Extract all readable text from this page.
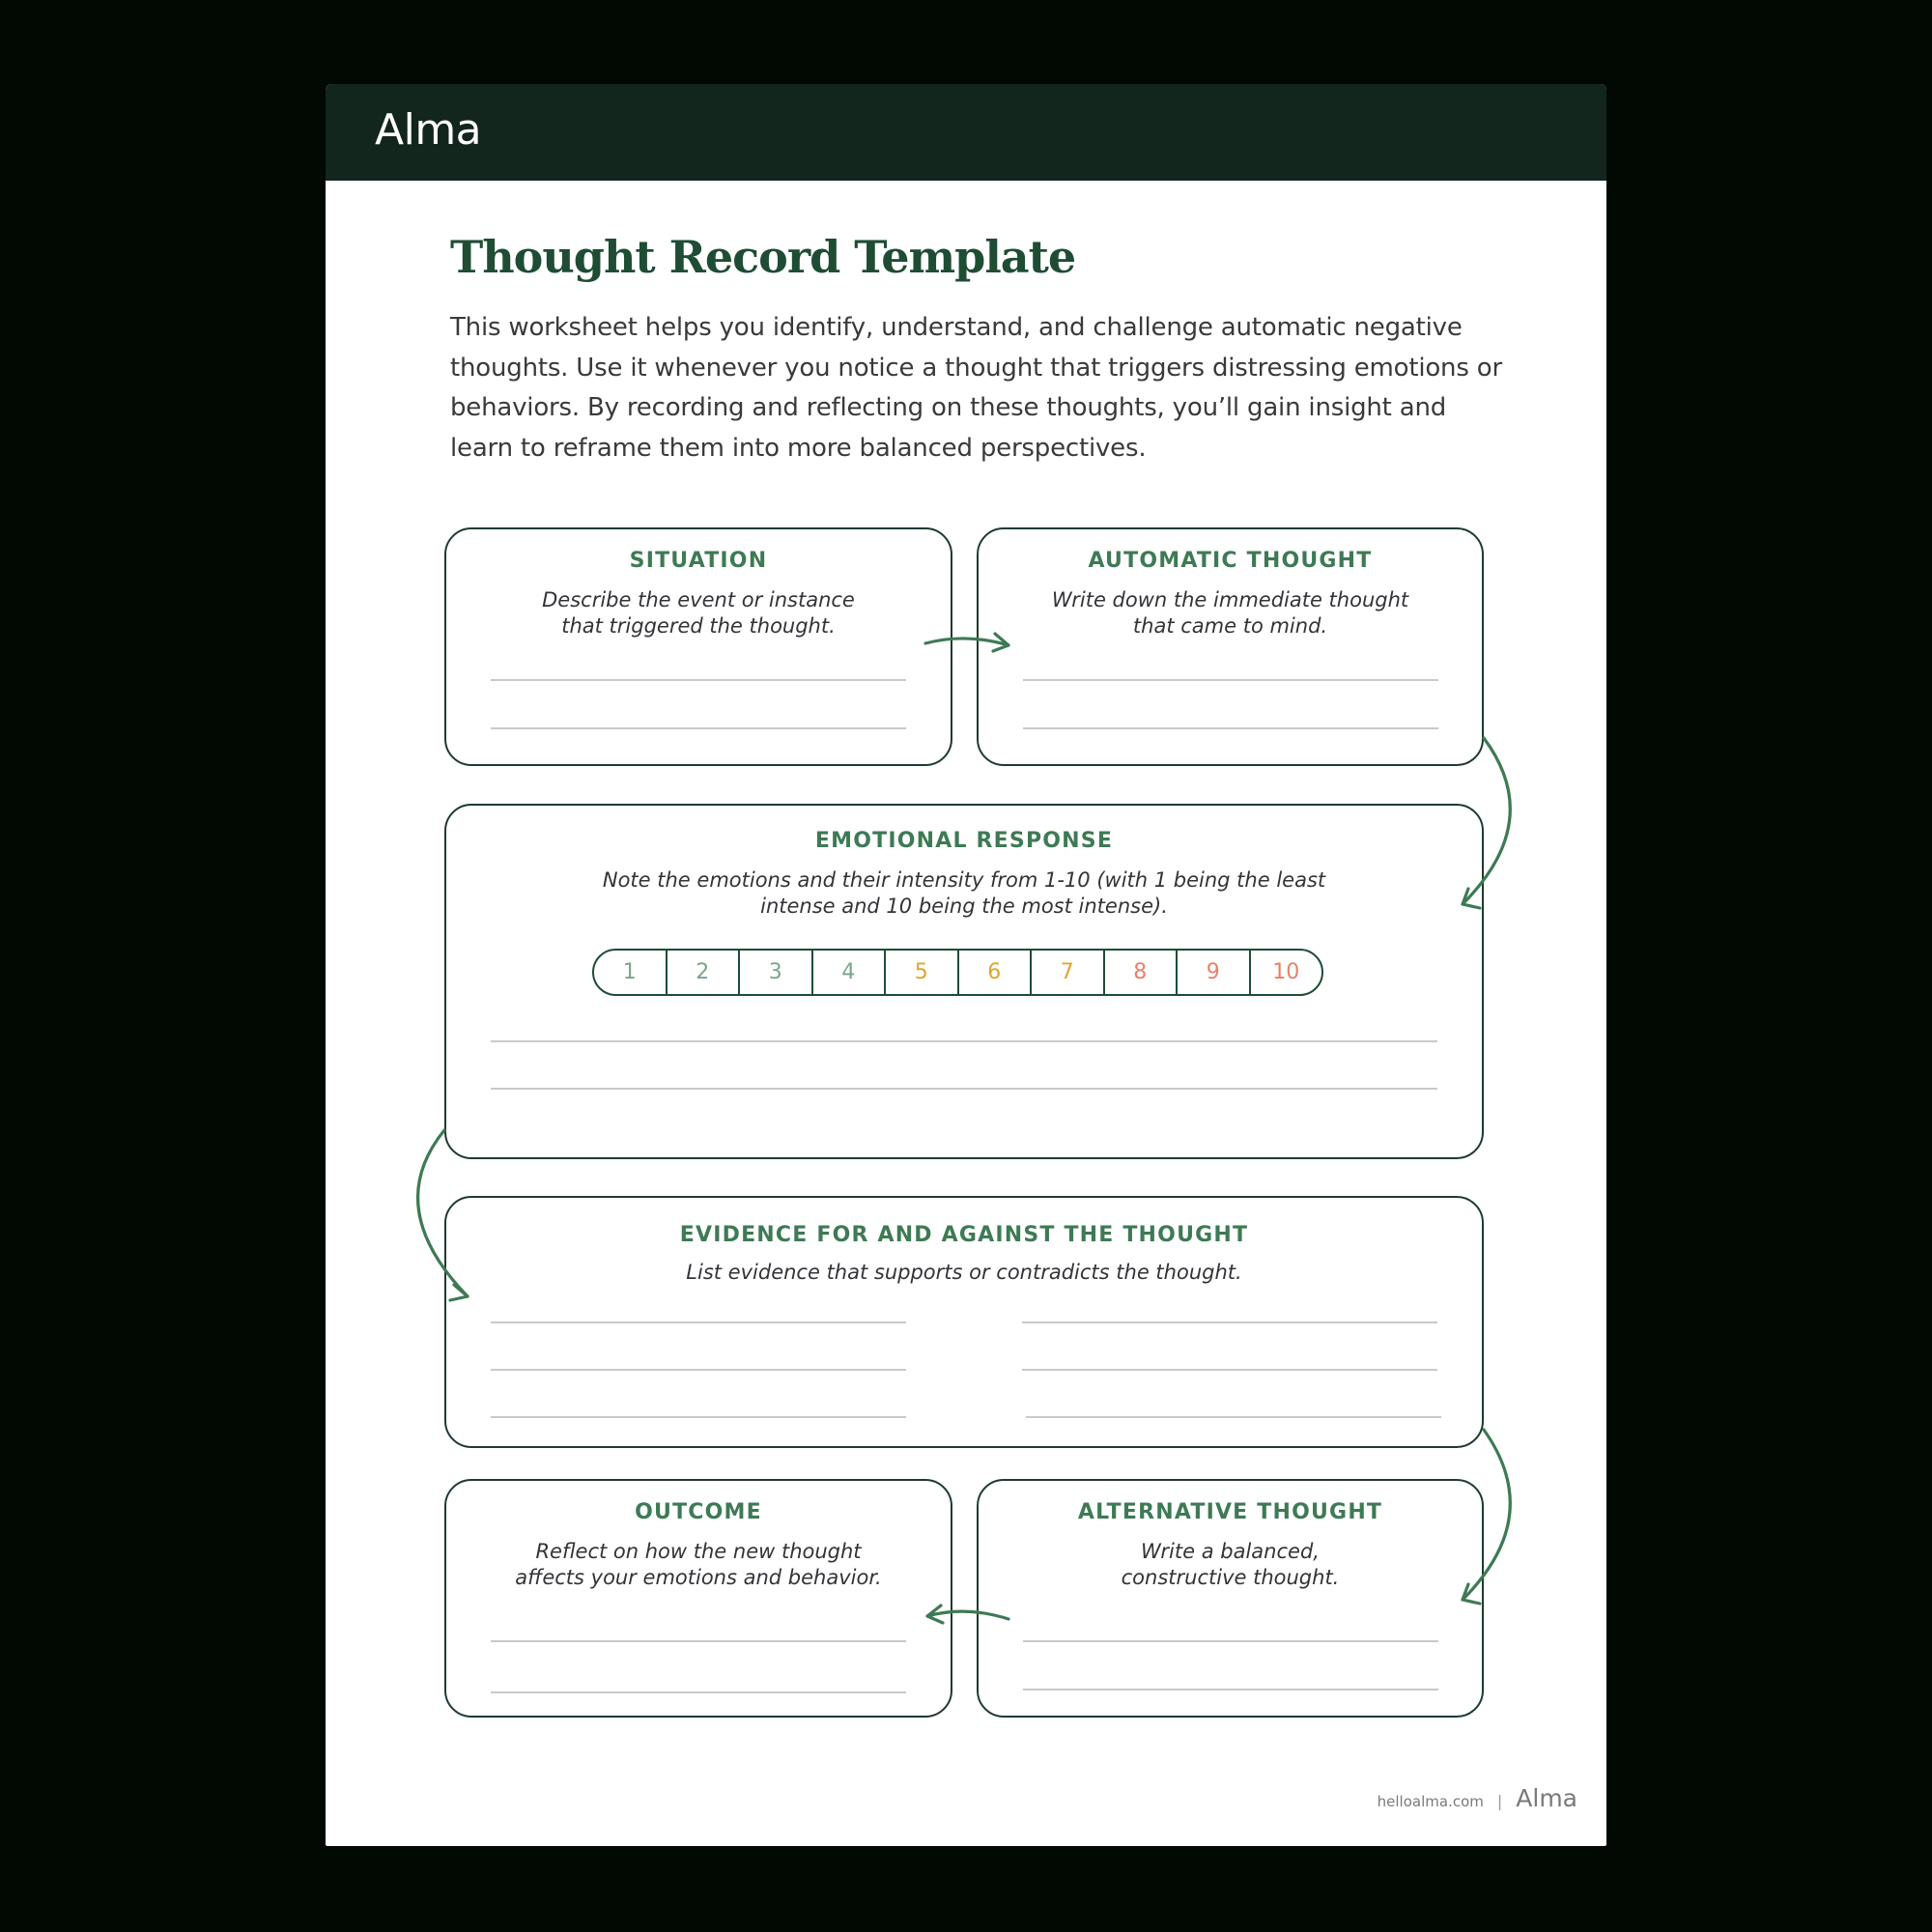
Alma
Thought Record Template

This worksheet helps you identify, understand, and challenge automatic negative thoughts. Use it whenever you notice a thought that triggers distressing emotions or behaviors. By recording and reflecting on these thoughts, you’ll gain insight and learn to reframe them into more balanced perspectives.

SITUATION
Describe the event or instance
that triggered the thought.
AUTOMATIC THOUGHT
Write down the immediate thought
that came to mind.
EMOTIONAL RESPONSE
Note the emotions and their intensity from 1-10 (with 1 being the least
intense and 10 being the most intense).
1	2	3	4	5	6	7	8	9	10
EVIDENCE FOR AND AGAINST THE THOUGHT
List evidence that supports or contradicts the thought.
OUTCOME
Reflect on how the new thought
affects your emotions and behavior.
ALTERNATIVE THOUGHT
Write a balanced,
constructive thought.
helloalma.com | Alma
